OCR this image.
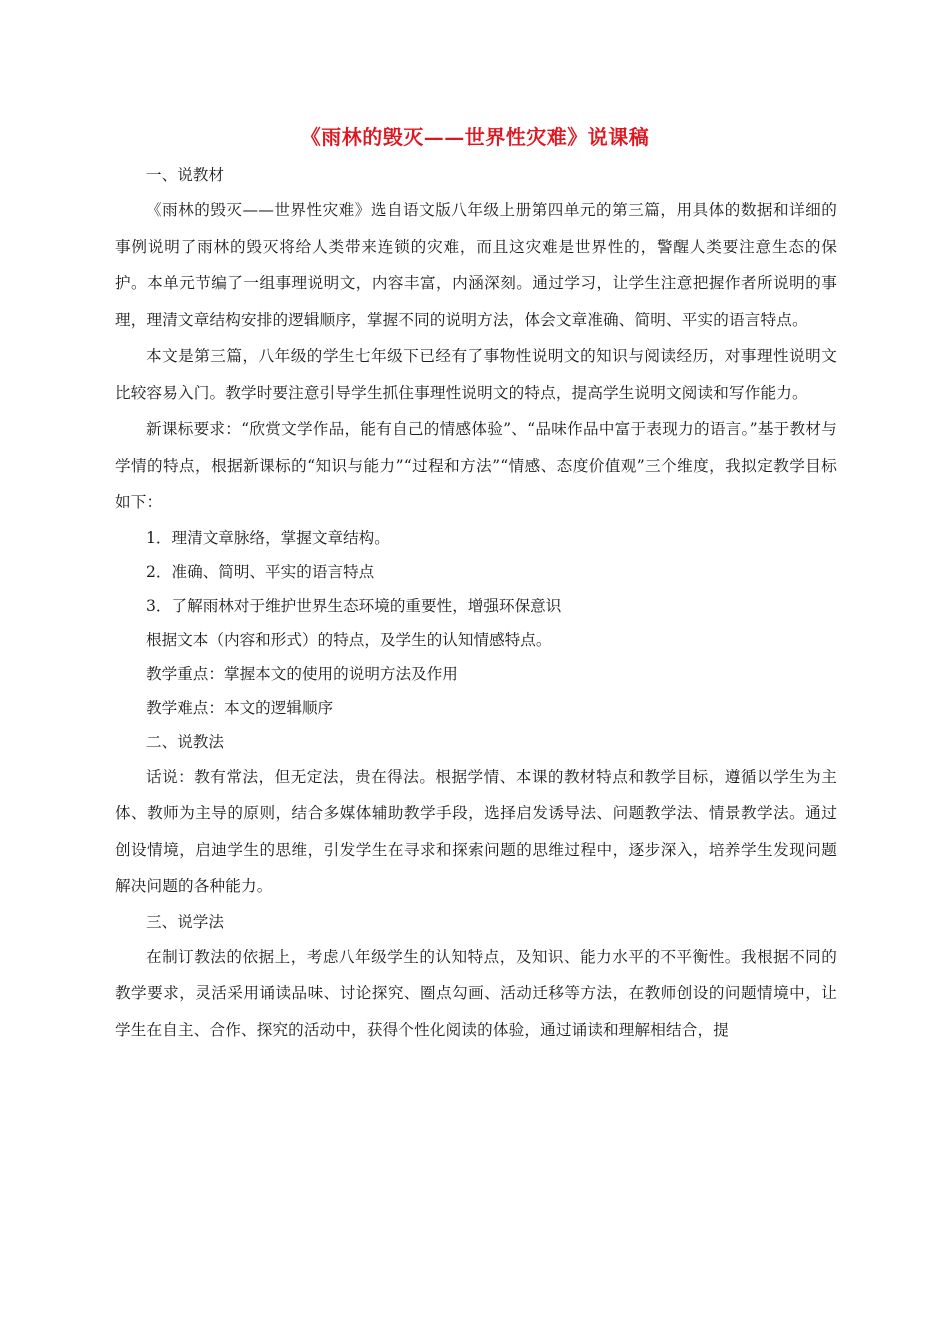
《雨林的毁灭——世界性灾难》说课稿

一、说教材

《雨林的毁灭——世界性灾难》选自语文版八年级上册第四单元的第三篇，用具体的数据和详细的事例说明了雨林的毁灭将给人类带来连锁的灾难，而且这灾难是世界性的，警醒人类要注意生态的保护。本单元节编了一组事理说明文，内容丰富，内涵深刻。通过学习，让学生注意把握作者所说明的事理，理清文章结构安排的逻辑顺序，掌握不同的说明方法，体会文章准确、简明、平实的语言特点。

本文是第三篇，八年级的学生七年级下已经有了事物性说明文的知识与阅读经历，对事理性说明文比较容易入门。教学时要注意引导学生抓住事理性说明文的特点，提高学生说明文阅读和写作能力。

新课标要求：“欣赏文学作品，能有自己的情感体验”、“品味作品中富于表现力的语言。”基于教材与学情的特点，根据新课标的“知识与能力”“过程和方法”“情感、态度价值观”三个维度，我拟定教学目标如下：

1．理清文章脉络，掌握文章结构。

2．准确、简明、平实的语言特点

3．了解雨林对于维护世界生态环境的重要性，增强环保意识

根据文本（内容和形式）的特点，及学生的认知情感特点。

教学重点：掌握本文的使用的说明方法及作用

教学难点：本文的逻辑顺序

二、说教法

话说：教有常法，但无定法，贵在得法。根据学情、本课的教材特点和教学目标，遵循以学生为主体、教师为主导的原则，结合多媒体辅助教学手段，选择启发诱导法、问题教学法、情景教学法。通过创设情境，启迪学生的思维，引发学生在寻求和探索问题的思维过程中，逐步深入，培养学生发现问题解决问题的各种能力。

三、说学法

在制订教法的依据上，考虑八年级学生的认知特点，及知识、能力水平的不平衡性。我根据不同的教学要求，灵活采用诵读品味、讨论探究、圈点勾画、活动迁移等方法，在教师创设的问题情境中，让学生在自主、合作、探究的活动中，获得个性化阅读的体验，通过诵读和理解相结合，提
